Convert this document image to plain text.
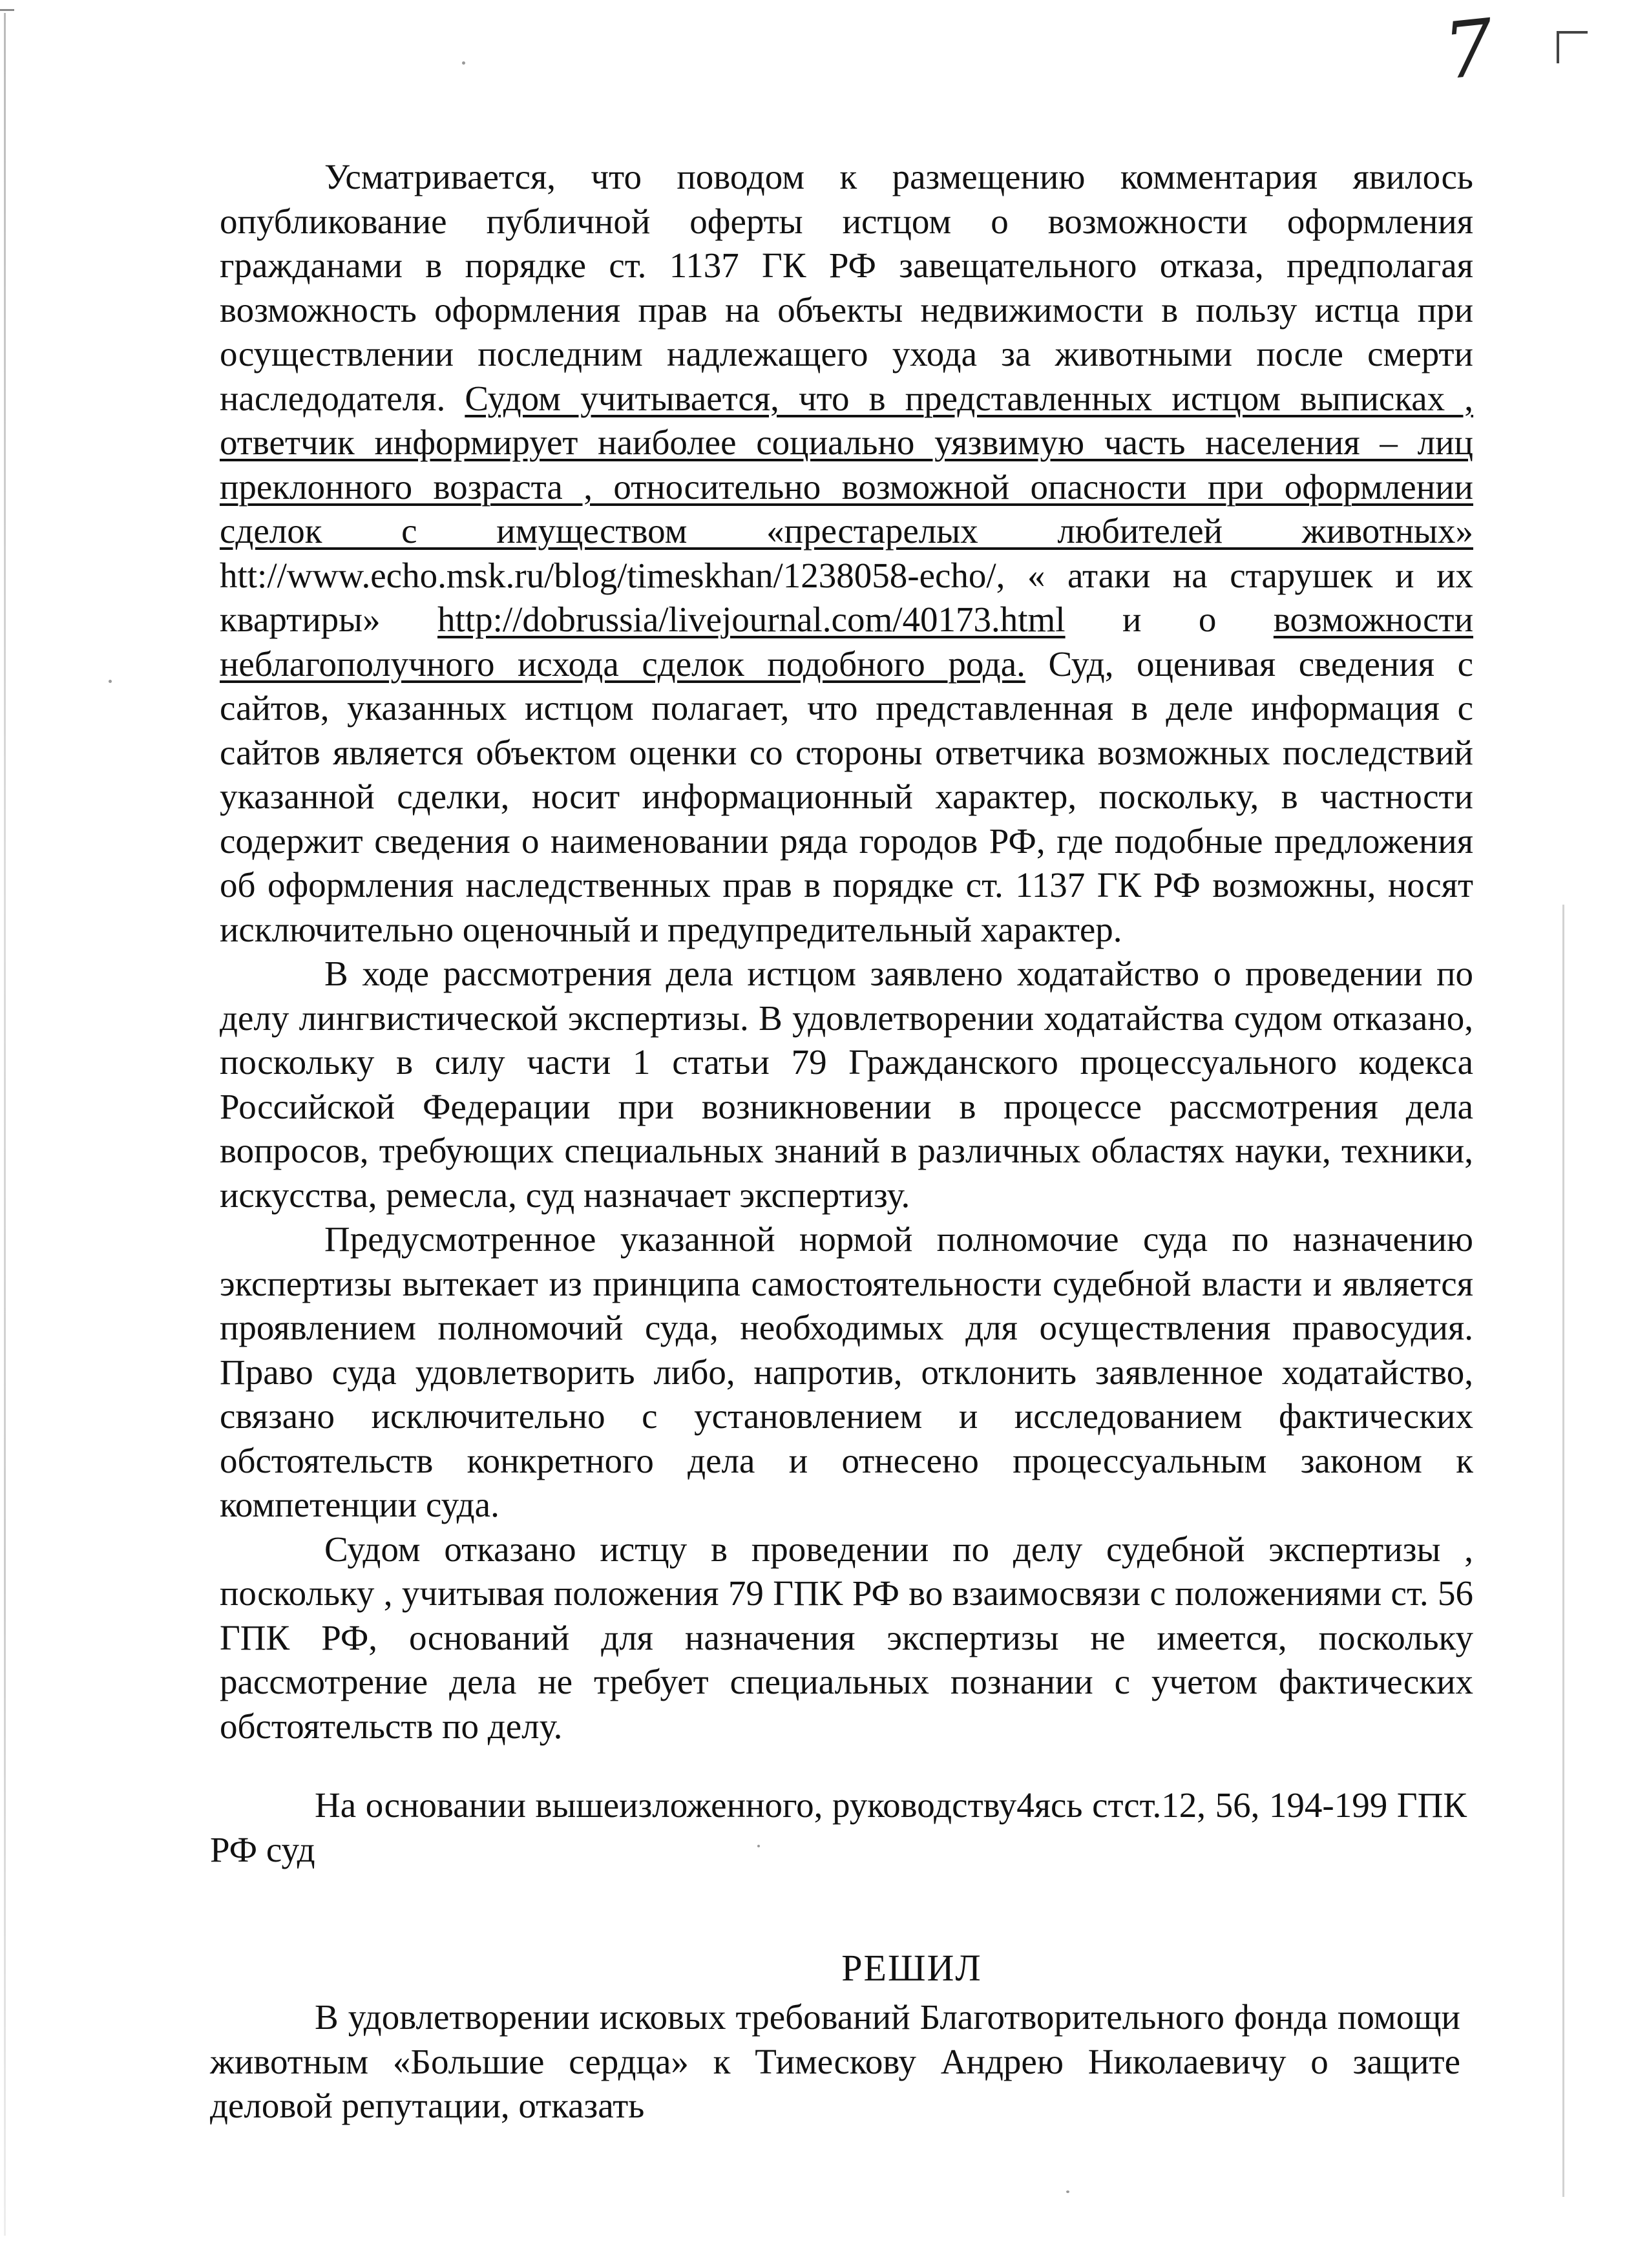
7

Усматривается, что поводом к размещению комментария явилось опубликование публичной оферты истцом о возможности оформления гражданами в порядке ст. 1137 ГК РФ завещательного отказа, предполагая возможность оформления прав на объекты недвижимости в пользу истца при осуществлении последним надлежащего ухода за животными после смерти наследодателя. Судом учитывается, что в представленных истцом выписках , ответчик информирует наиболее социально уязвимую часть населения – лиц преклонного возраста , относительно возможной опасности при оформлении сделок с имуществом «престарелых любителей животных» htt://www.echo.msk.ru/blog/timeskhan/1238058-echo/, « атаки на старушек и их квартиры» http://dobrussia/livejournal.com/40173.html и о возможности неблагополучного исхода сделок подобного рода. Суд, оценивая сведения с сайтов, указанных истцом полагает, что представленная в деле информация с сайтов является объектом оценки со стороны ответчика возможных последствий указанной сделки, носит информационный характер, поскольку, в частности содержит сведения о наименовании ряда городов РФ, где подобные предложения об оформления наследственных прав в порядке ст. 1137 ГК РФ возможны, носят исключительно оценочный и предупредительный характер.

В ходе рассмотрения дела истцом заявлено ходатайство о проведении по делу лингвистической экспертизы. В удовлетворении ходатайства судом отказано, поскольку в силу части 1 статьи 79 Гражданского процессуального кодекса Российской Федерации при возникновении в процессе рассмотрения дела вопросов, требующих специальных знаний в различных областях науки, техники, искусства, ремесла, суд назначает экспертизу.

Предусмотренное указанной нормой полномочие суда по назначению экспертизы вытекает из принципа самостоятельности судебной власти и является проявлением полномочий суда, необходимых для осуществления правосудия. Право суда удовлетворить либо, напротив, отклонить заявленное ходатайство, связано исключительно с установлением и исследованием фактических обстоятельств конкретного дела и отнесено процессуальным законом к компетенции суда.

Судом отказано истцу в проведении по делу судебной экспертизы , поскольку , учитывая положения 79 ГПК РФ во взаимосвязи с положениями ст. 56 ГПК РФ, оснований для назначения экспертизы не имеется, поскольку рассмотрение дела не требует специальных познании с учетом фактических обстоятельств по делу.

На основании вышеизложенного, руководству4ясь стст.12, 56, 194-199 ГПК РФ суд

РЕШИЛ

В удовлетворении исковых требований Благотворительного фонда помощи животным «Большие сердца» к Тимескову Андрею Николаевичу о защите деловой репутации, отказать
